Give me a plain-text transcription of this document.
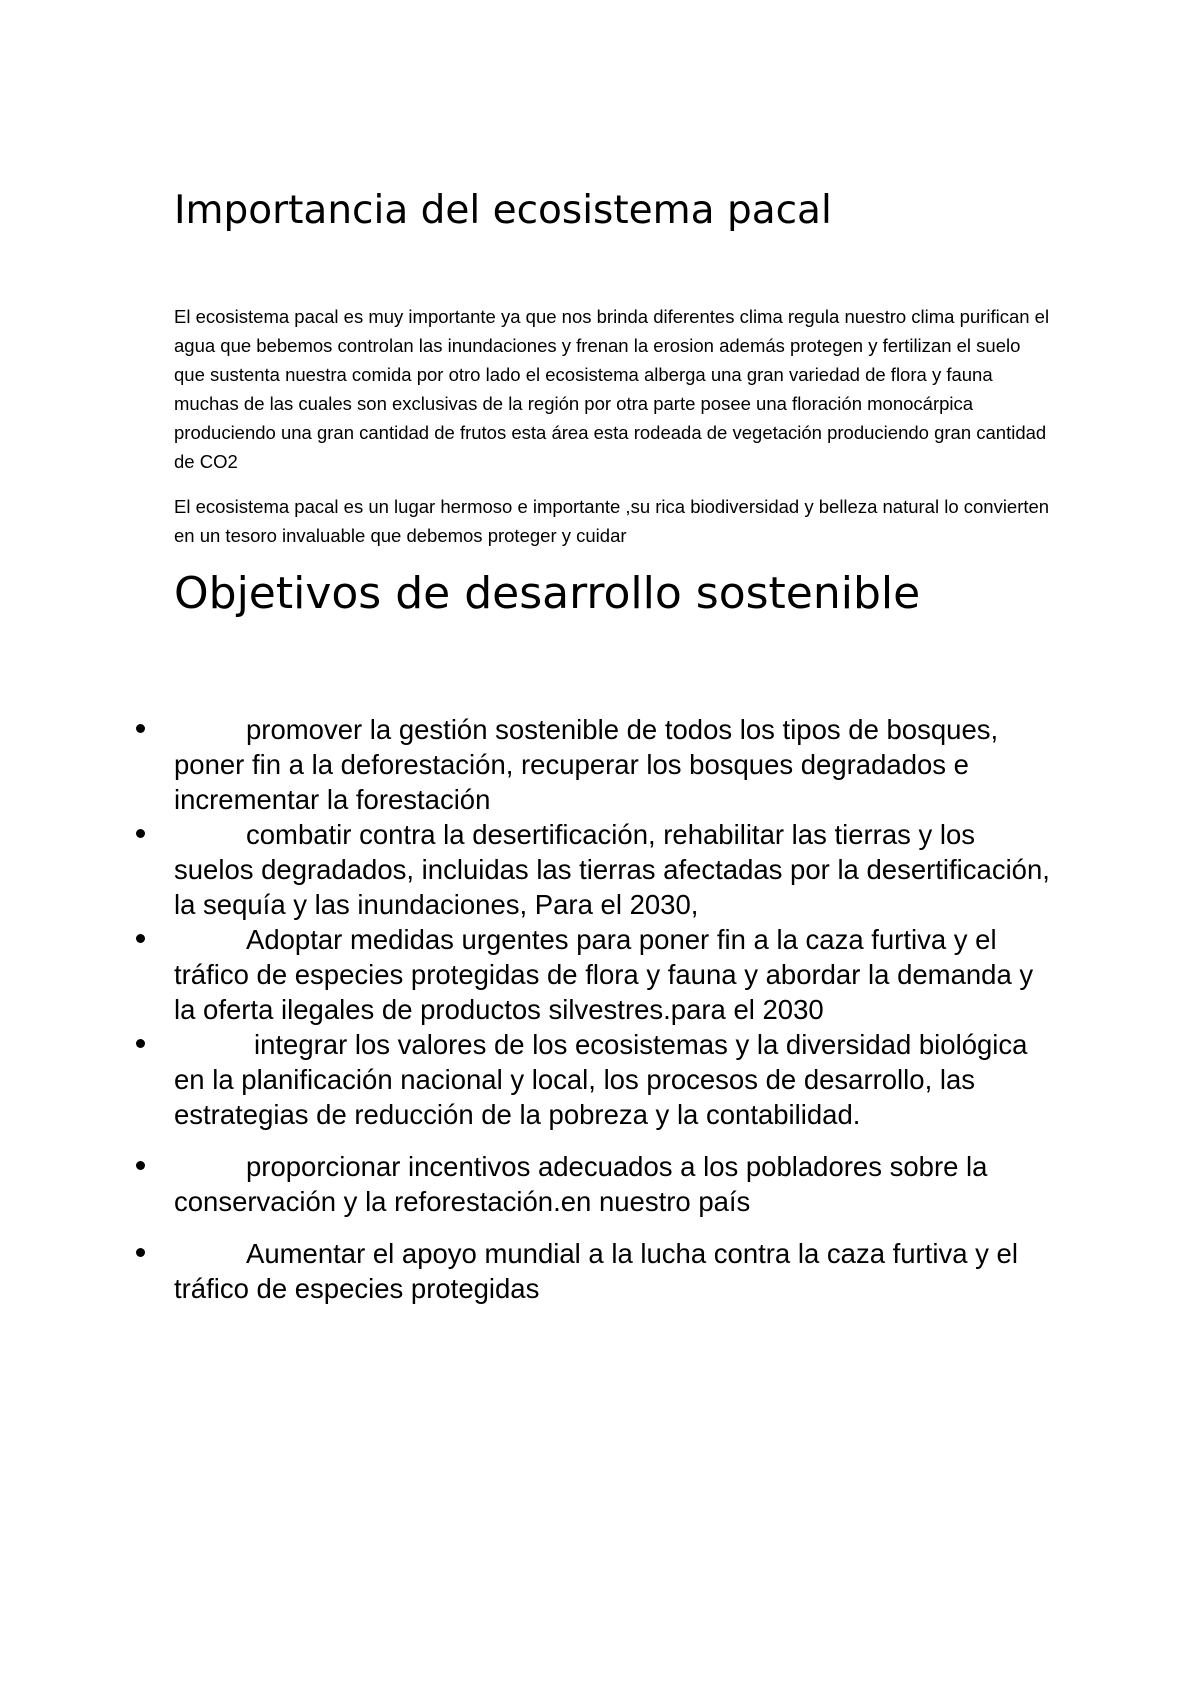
Importancia del ecosistema pacal

El ecosistema pacal es muy importante ya que nos brinda diferentes clima regula nuestro clima purifican el agua que bebemos controlan las inundaciones y frenan la erosion además protegen y fertilizan el suelo que sustenta nuestra comida por otro lado el ecosistema alberga una gran variedad de flora y fauna muchas de las cuales son exclusivas de la región por otra parte posee una floración monocárpica produciendo una gran cantidad de frutos esta área esta rodeada de vegetación produciendo gran cantidad de CO2

El ecosistema pacal es un lugar hermoso e importante ,su rica biodiversidad y belleza natural lo convierten en un tesoro invaluable que debemos proteger y cuidar

Objetivos de desarrollo sostenible
promover la gestión sostenible de todos los tipos de bosques, poner fin a la deforestación, recuperar los bosques degradados e incrementar la forestación
combatir contra la desertificación, rehabilitar las tierras y los suelos degradados, incluidas las tierras afectadas por la desertificación, la sequía y las inundaciones, Para el 2030,
Adoptar medidas urgentes para poner fin a la caza furtiva y el tráfico de especies protegidas de flora y fauna y abordar la demanda y la oferta ilegales de productos silvestres.para el 2030
integrar los valores de los ecosistemas y la diversidad biológica en la planificación nacional y local, los procesos de desarrollo, las estrategias de reducción de la pobreza y la contabilidad.
proporcionar incentivos adecuados a los pobladores sobre la conservación y la reforestación.en nuestro país
Aumentar el apoyo mundial a la lucha contra la caza furtiva y el tráfico de especies protegidas
